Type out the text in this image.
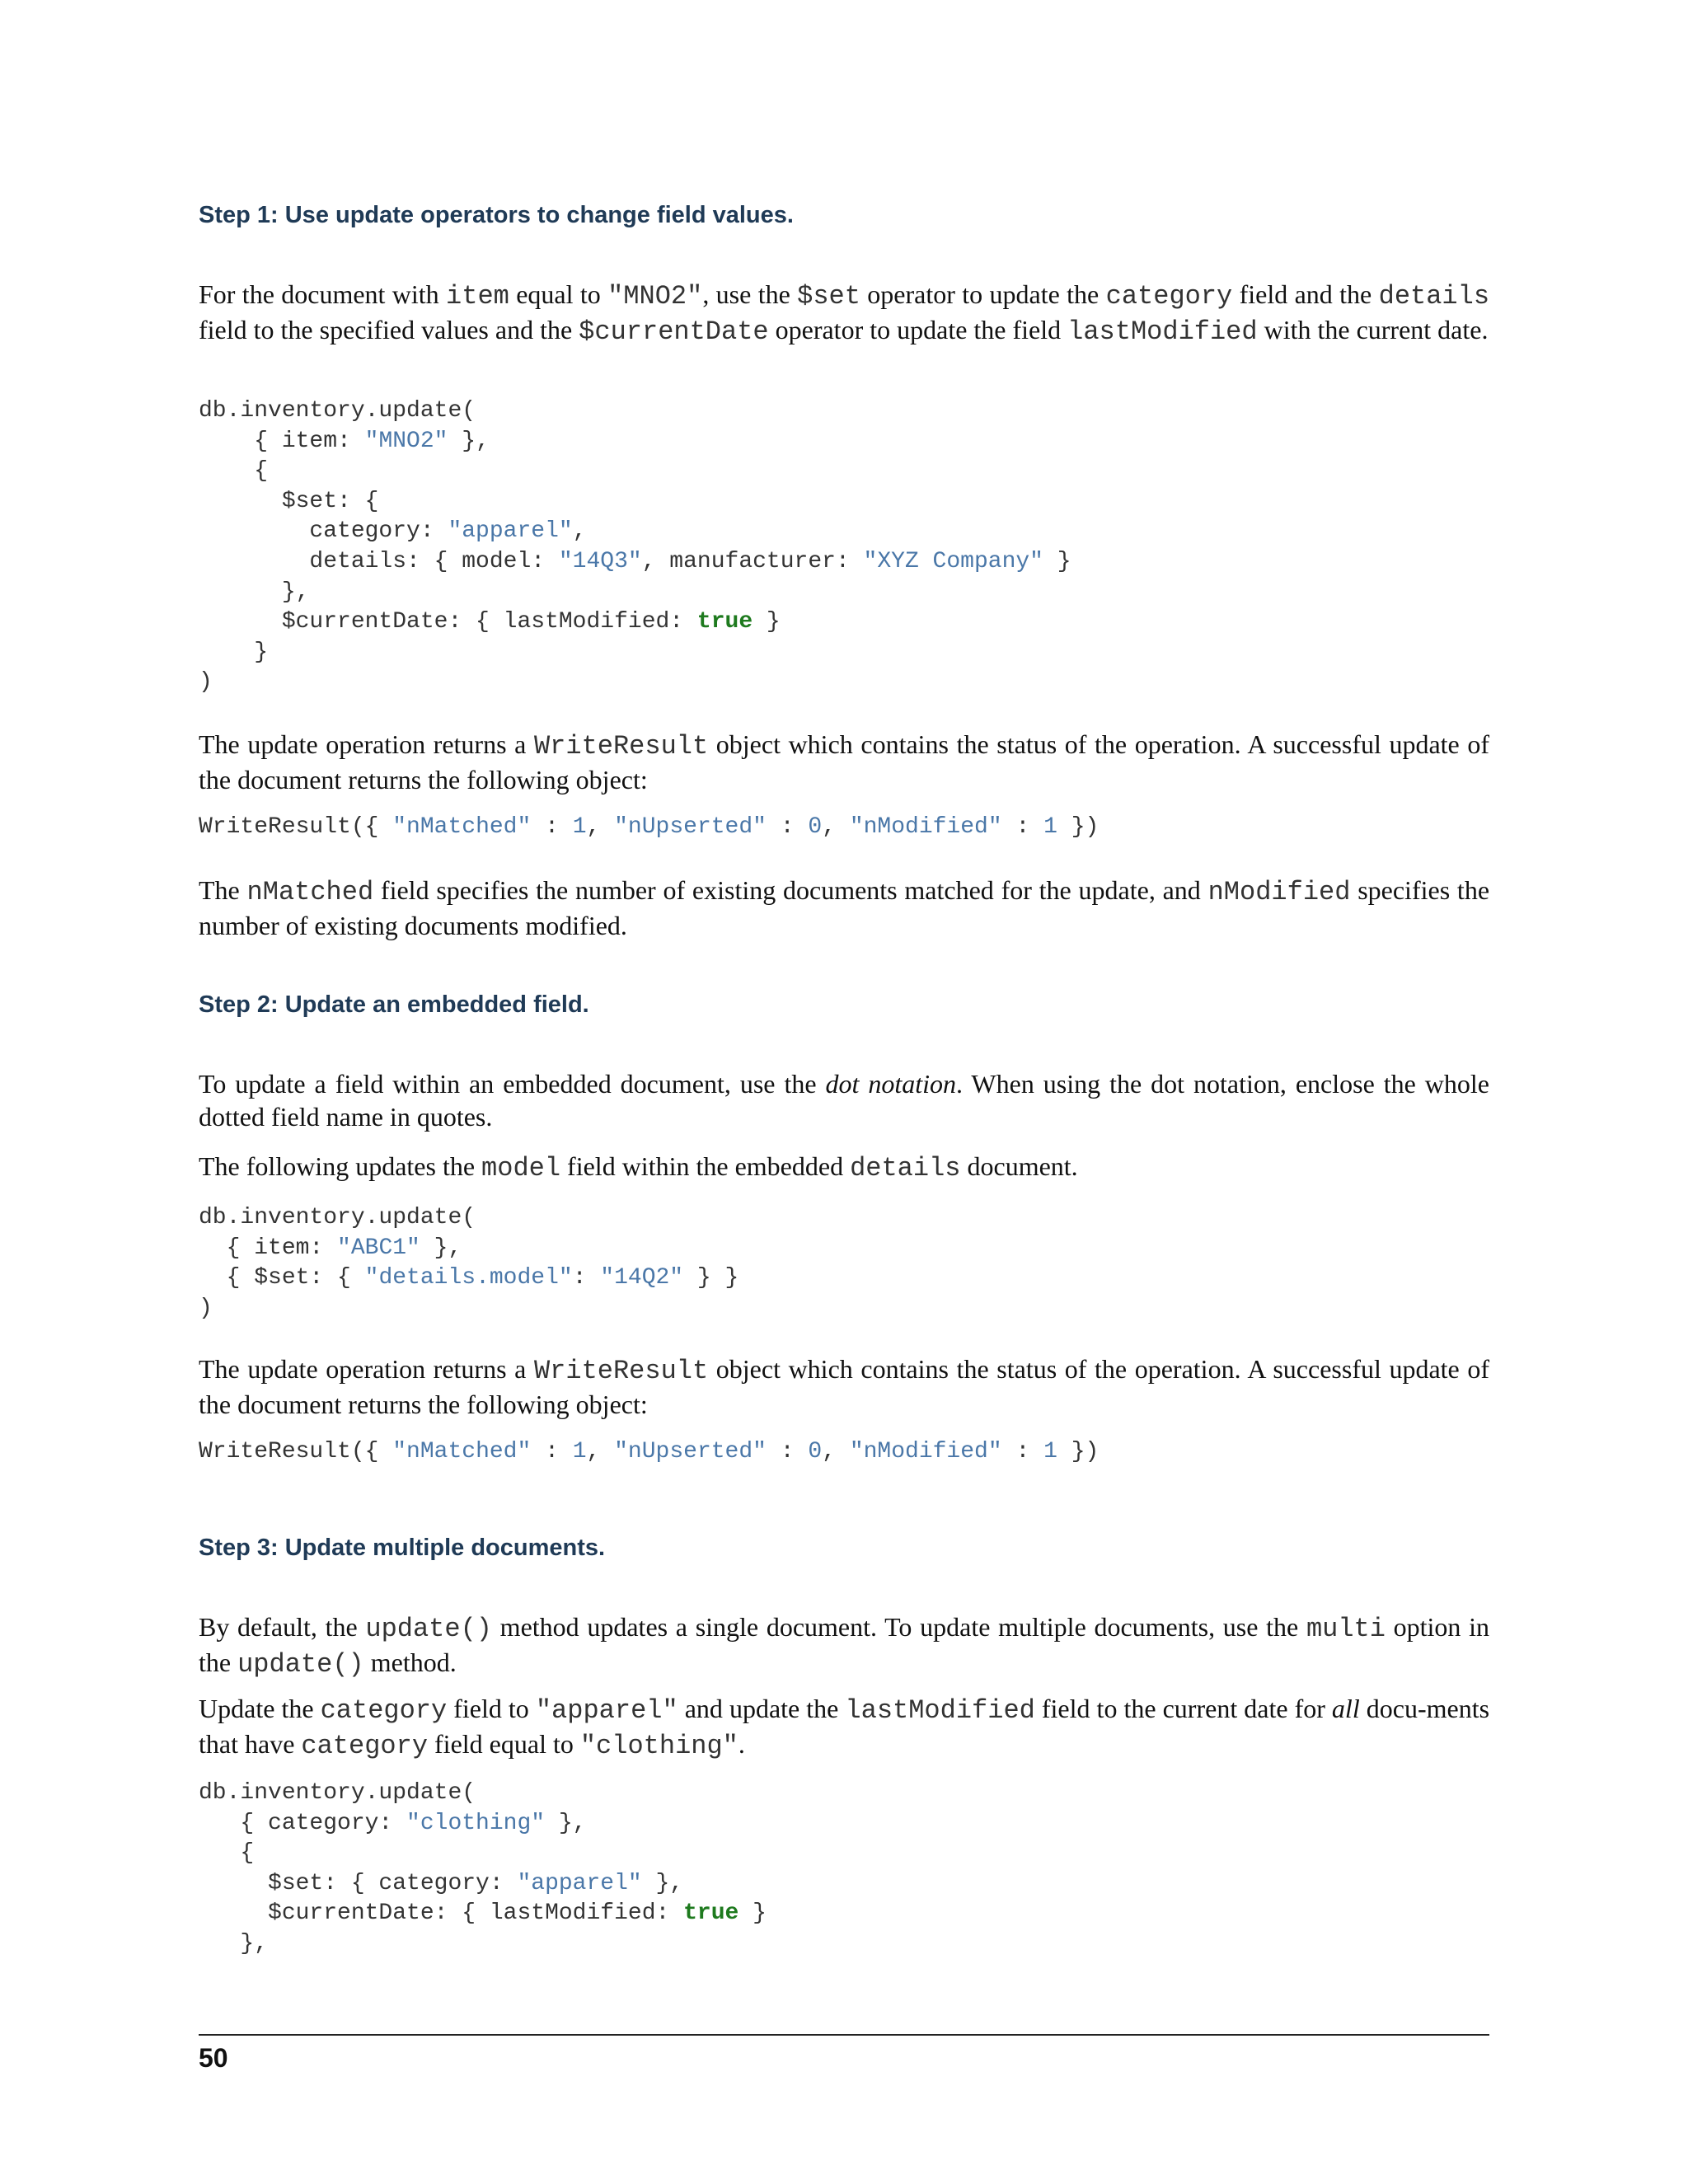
Step 1: Use update operators to change field values.

For the document with item equal to "MNO2", use the $set operator to update the category field and the details field to the specified values and the $currentDate operator to update the field lastModified with the current date.

db.inventory.update(
{ item: "MNO2" },
{
$set: {
category: "apparel",
details: { model: "14Q3", manufacturer: "XYZ Company" }
},
$currentDate: { lastModified: true }
}
)

The update operation returns a WriteResult object which contains the status of the operation. A successful update of the document returns the following object:

WriteResult({ "nMatched" : 1, "nUpserted" : 0, "nModified" : 1 })

The nMatched field specifies the number of existing documents matched for the update, and nModified specifies the number of existing documents modified.

Step 2: Update an embedded field.

To update a field within an embedded document, use the dot notation. When using the dot notation, enclose the whole dotted field name in quotes.

The following updates the model field within the embedded details document.

db.inventory.update(
{ item: "ABC1" },
{ $set: { "details.model": "14Q2" } }
)

The update operation returns a WriteResult object which contains the status of the operation. A successful update of the document returns the following object:

WriteResult({ "nMatched" : 1, "nUpserted" : 0, "nModified" : 1 })
Step 3: Update multiple documents.

By default, the update() method updates a single document. To update multiple documents, use the multi option in the update() method.

Update the category field to "apparel" and update the lastModified field to the current date for all docu-ments that have category field equal to "clothing".

db.inventory.update(
{ category: "clothing" },
{
$set: { category: "apparel" },
$currentDate: { lastModified: true }
},

50
